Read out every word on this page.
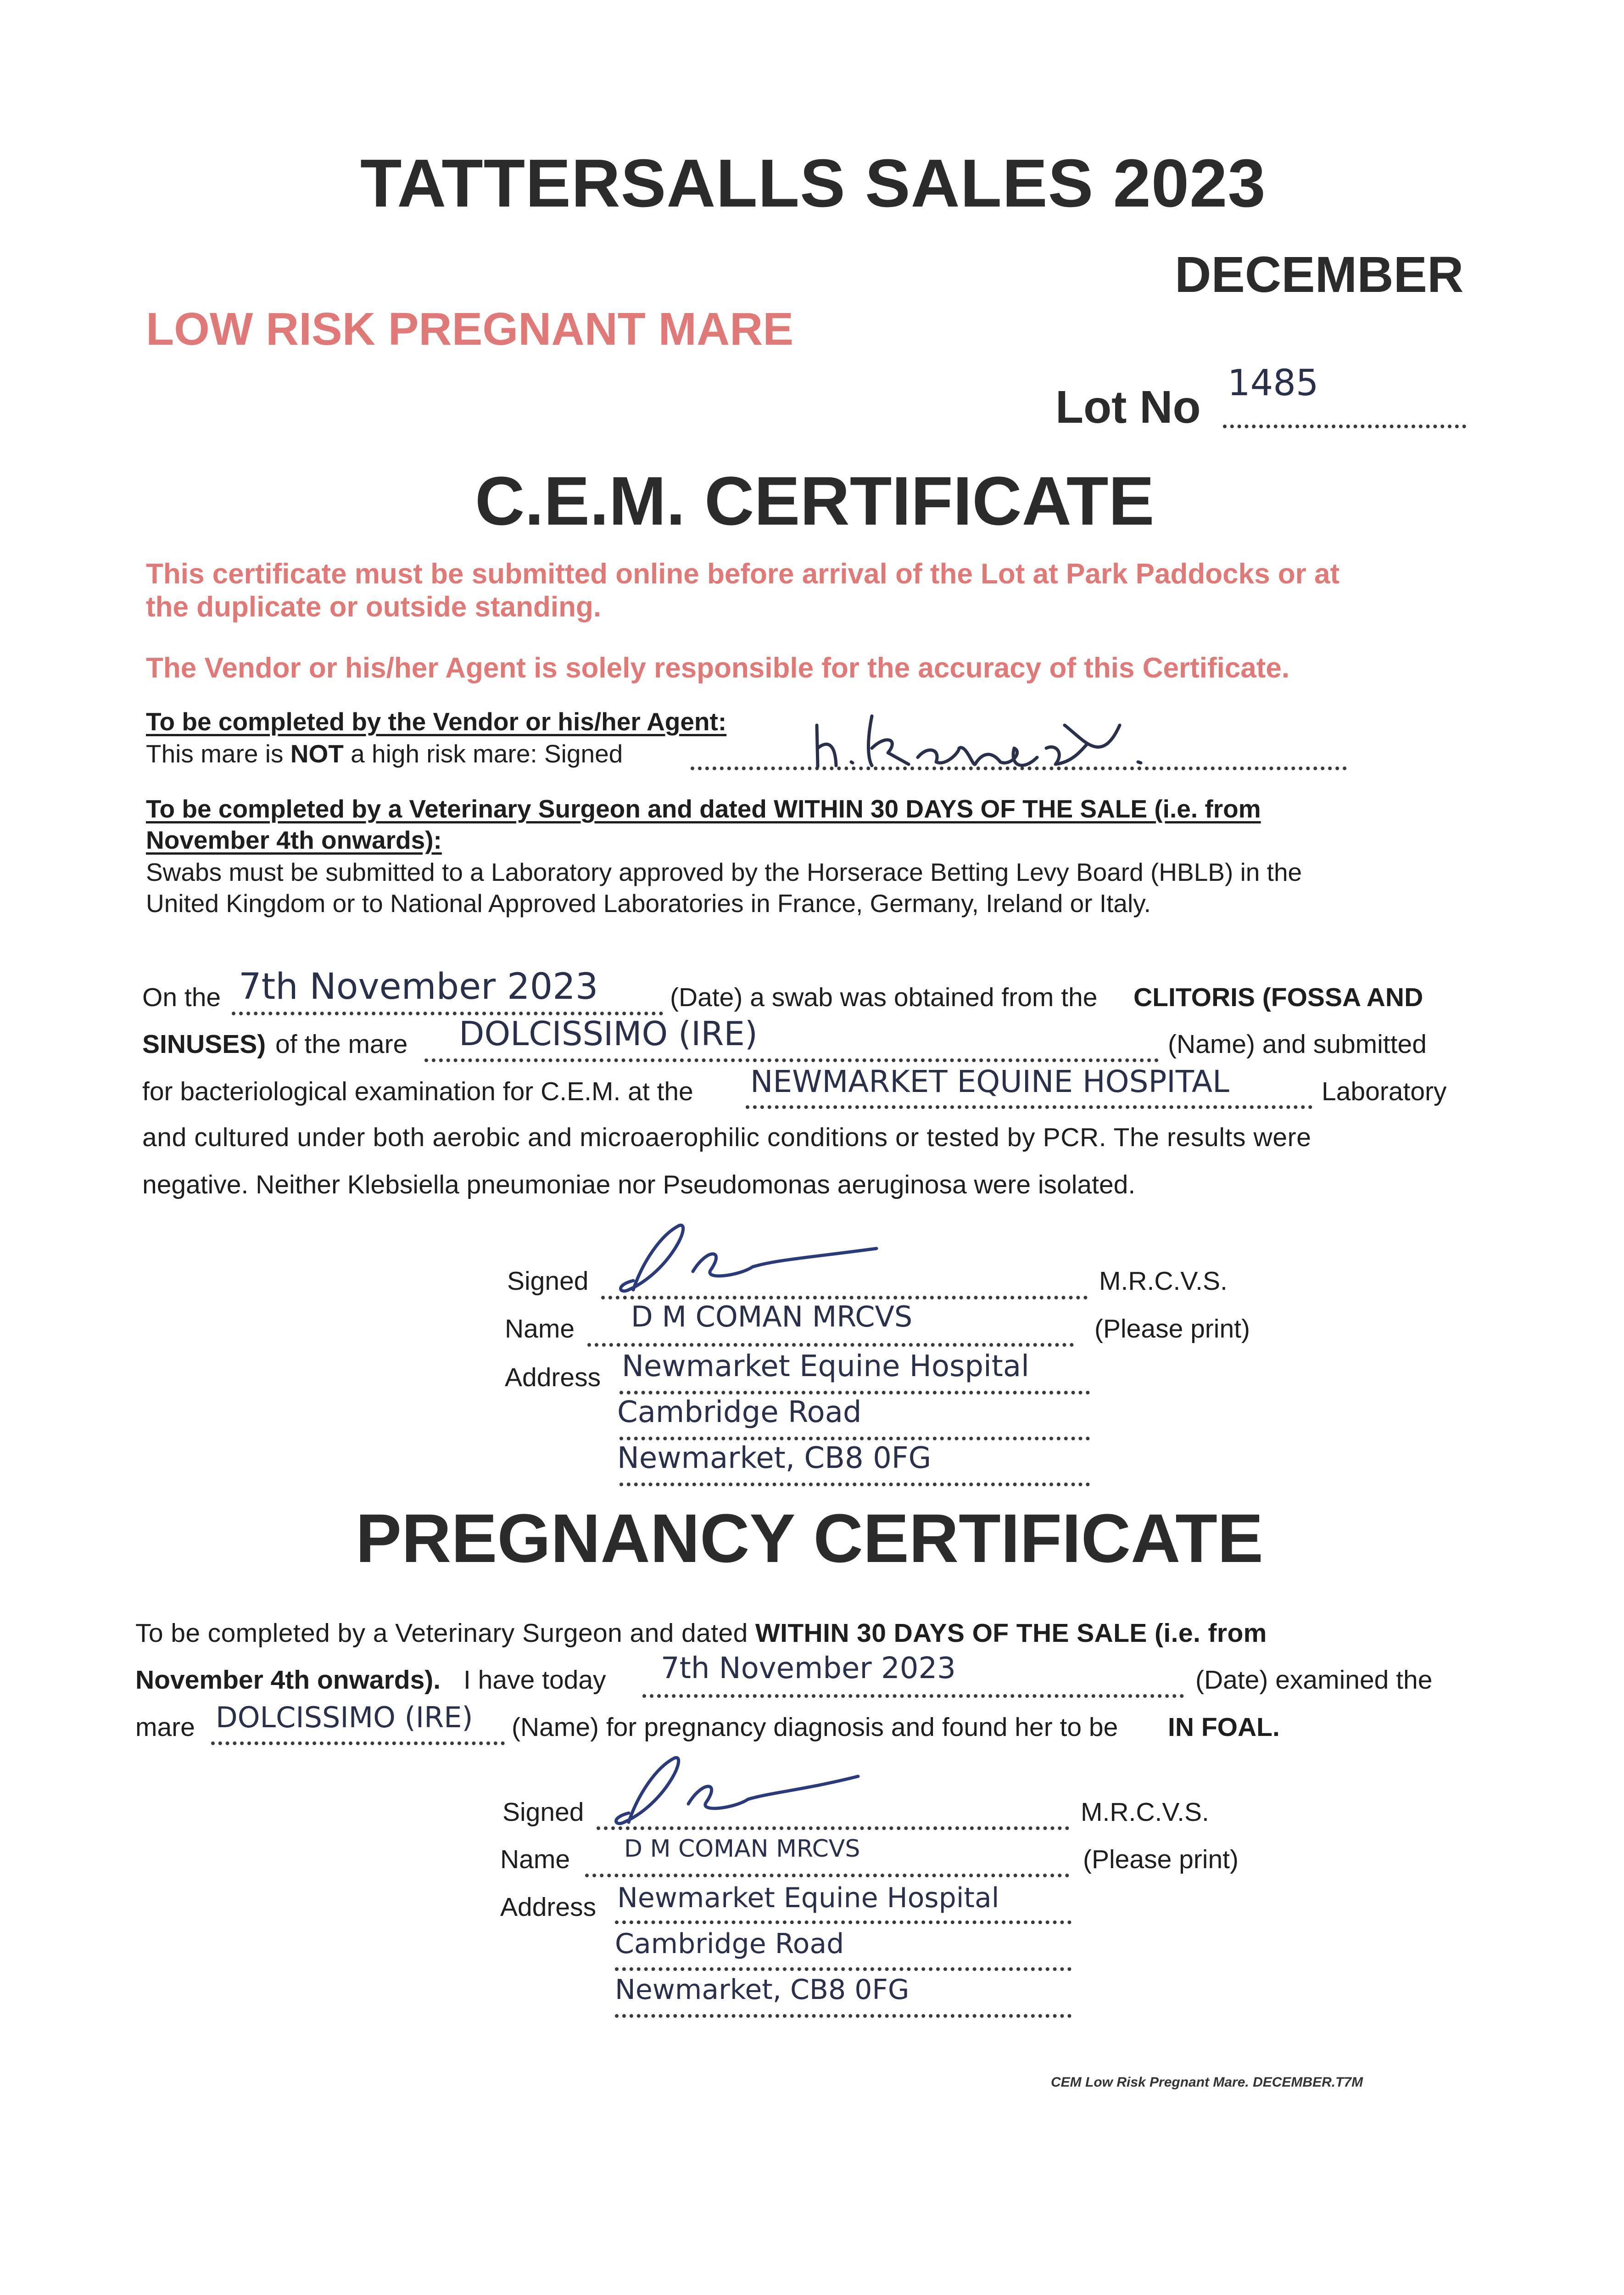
TATTERSALLS SALES 2023
DECEMBER
LOW RISK PREGNANT MARE
Lot No 1485
C.E.M. CERTIFICATE
This certificate must be submitted online before arrival of the Lot at Park Paddocks or at
the duplicate or outside standing.
The Vendor or his/her Agent is solely responsible for the accuracy of this Certificate.
To be completed by the Vendor or his/her Agent:
This mare is NOT a high risk mare: Signed
To be completed by a Veterinary Surgeon and dated WITHIN 30 DAYS OF THE SALE (i.e. from
November 4th onwards):
Swabs must be submitted to a Laboratory approved by the Horserace Betting Levy Board (HBLB) in the
United Kingdom or to National Approved Laboratories in France, Germany, Ireland or Italy.
On the 7th November 2023	(Date) a swab was obtained from the CLITORIS (FOSSA AND
SINUSES) of the mare DOLCISSIMO (IRE)	(Name) and submitted
for bacteriological examination for C.E.M. at the NEWMARKET EQUINE HOSPITAL	Laboratory
and cultured under both aerobic and microaerophilic conditions or tested by PCR. The results were
negative. Neither Klebsiella pneumoniae nor Pseudomonas aeruginosa were isolated.
Signed	M.R.C.V.S.
Name D M COMAN MRCVS	(Please print)
Address Newmarket Equine Hospital
Cambridge Road
Newmarket, CB8 0FG
PREGNANCY CERTIFICATE
To be completed by a Veterinary Surgeon and dated WITHIN 30 DAYS OF THE SALE (i.e. from
November 4th onwards). I have today 7th November 2023	(Date) examined the
mare DOLCISSIMO (IRE) (Name) for pregnancy diagnosis and found her to be IN FOAL.
Signed	M.R.C.V.S.
Name D M COMAN MRCVS	(Please print)
Address Newmarket Equine Hospital
Cambridge Road
Newmarket, CB8 0FG
CEM Low Risk Pregnant Mare. DECEMBER.T7M
